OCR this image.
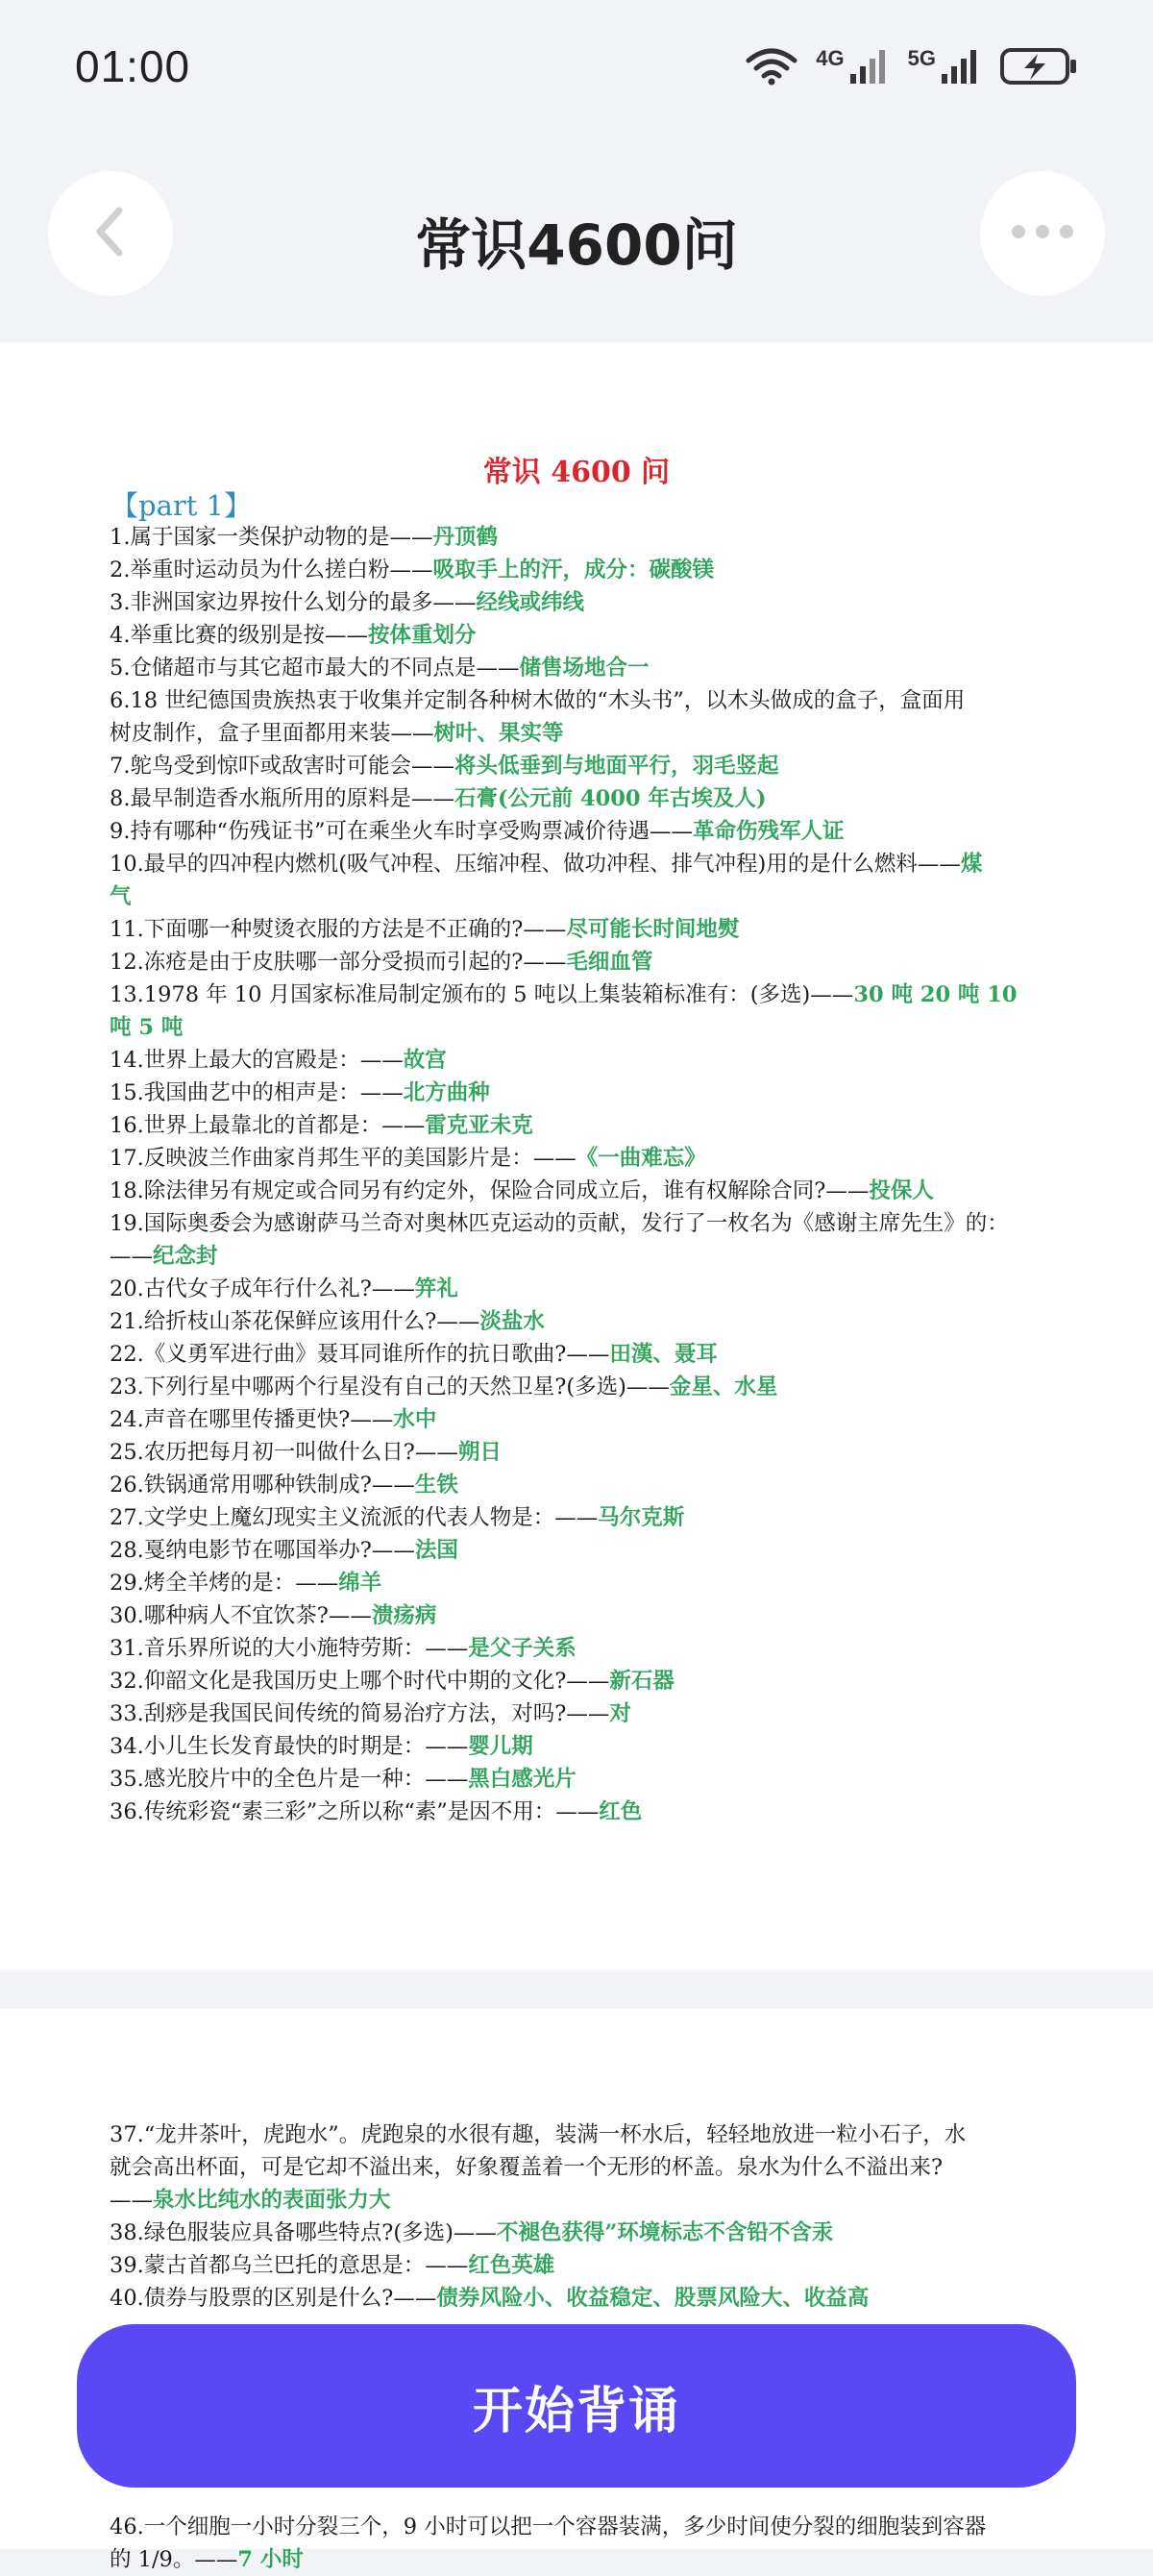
01:00	4G	5G
常识4600问
常识 4600 问
【part 1】
1.属于国家一类保护动物的是——丹顶鹤
2.举重时运动员为什么搓白粉——吸取手上的汗，成分：碳酸镁
3.非洲国家边界按什么划分的最多——经线或纬线
4.举重比赛的级别是按——按体重划分
5.仓储超市与其它超市最大的不同点是——储售场地合一
6.18 世纪德国贵族热衷于收集并定制各种树木做的“木头书”，以木头做成的盒子，盒面用
树皮制作，盒子里面都用来装——树叶、果实等
7.鸵鸟受到惊吓或敌害时可能会——将头低垂到与地面平行，羽毛竖起
8.最早制造香水瓶所用的原料是——石膏(公元前 4000 年古埃及人)
9.持有哪种“伤残证书”可在乘坐火车时享受购票减价待遇——革命伤残军人证
10.最早的四冲程内燃机(吸气冲程、压缩冲程、做功冲程、排气冲程)用的是什么燃料——煤
气
11.下面哪一种熨烫衣服的方法是不正确的?——尽可能长时间地熨
12.冻疮是由于皮肤哪一部分受损而引起的?——毛细血管
13.1978 年 10 月国家标准局制定颁布的 5 吨以上集装箱标准有：(多选)——30 吨 20 吨 10
吨 5 吨
14.世界上最大的宫殿是：——故宫
15.我国曲艺中的相声是：——北方曲种
16.世界上最靠北的首都是：——雷克亚未克
17.反映波兰作曲家肖邦生平的美国影片是：——《一曲难忘》
18.除法律另有规定或合同另有约定外，保险合同成立后，谁有权解除合同?——投保人
19.国际奥委会为感谢萨马兰奇对奥林匹克运动的贡献，发行了一枚名为《感谢主席先生》的：
——纪念封
20.古代女子成年行什么礼?——笄礼
21.给折枝山茶花保鲜应该用什么?——淡盐水
22.《义勇军进行曲》聂耳同谁所作的抗日歌曲?——田漢、聂耳
23.下列行星中哪两个行星没有自己的天然卫星?(多选)——金星、水星
24.声音在哪里传播更快?——水中
25.农历把每月初一叫做什么日?——朔日
26.铁锅通常用哪种铁制成?——生铁
27.文学史上魔幻现实主义流派的代表人物是：——马尔克斯
28.戛纳电影节在哪国举办?——法国
29.烤全羊烤的是：——绵羊
30.哪种病人不宜饮茶?——溃疡病
31.音乐界所说的大小施特劳斯：——是父子关系
32.仰韶文化是我国历史上哪个时代中期的文化?——新石器
33.刮痧是我国民间传统的简易治疗方法，对吗?——对
34.小儿生长发育最快的时期是：——婴儿期
35.感光胶片中的全色片是一种：——黑白感光片
36.传统彩瓷“素三彩”之所以称“素”是因不用：——红色
37.“龙井茶叶，虎跑水”。虎跑泉的水很有趣，装满一杯水后，轻轻地放进一粒小石子，水
就会高出杯面，可是它却不溢出来，好象覆盖着一个无形的杯盖。泉水为什么不溢出来?
——泉水比纯水的表面张力大
38.绿色服装应具备哪些特点?(多选)——不褪色获得”环境标志不含铅不含汞
39.蒙古首都乌兰巴托的意思是：——红色英雄
40.债券与股票的区别是什么?——债券风险小、收益稳定、股票风险大、收益高
46.一个细胞一小时分裂三个，9 小时可以把一个容器装满，多少时间使分裂的细胞装到容器
的 1/9。——7 小时
开始背诵
